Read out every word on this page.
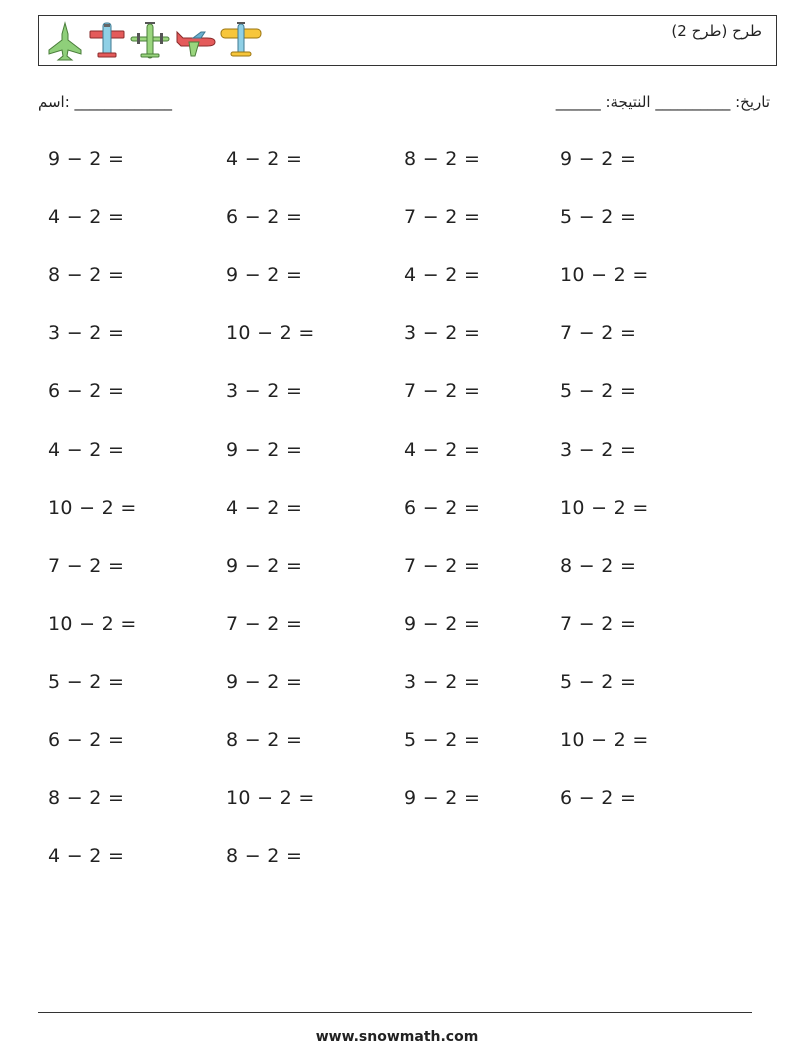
طرح (طرح 2)
______ :تاريخ: __________ النتيجة
اسم: _____________
9 − 2 =	4 − 2 =	8 − 2 =	9 − 2 =
4 − 2 =	6 − 2 =	7 − 2 =	5 − 2 =
8 − 2 =	9 − 2 =	4 − 2 =	10 − 2 =
3 − 2 =	10 − 2 =	3 − 2 =	7 − 2 =
6 − 2 =	3 − 2 =	7 − 2 =	5 − 2 =
4 − 2 =	9 − 2 =	4 − 2 =	3 − 2 =
10 − 2 =	4 − 2 =	6 − 2 =	10 − 2 =
7 − 2 =	9 − 2 =	7 − 2 =	8 − 2 =
10 − 2 =	7 − 2 =	9 − 2 =	7 − 2 =
5 − 2 =	9 − 2 =	3 − 2 =	5 − 2 =
6 − 2 =	8 − 2 =	5 − 2 =	10 − 2 =
8 − 2 =	10 − 2 =	9 − 2 =	6 − 2 =
4 − 2 =	8 − 2 =
www.snowmath.com
